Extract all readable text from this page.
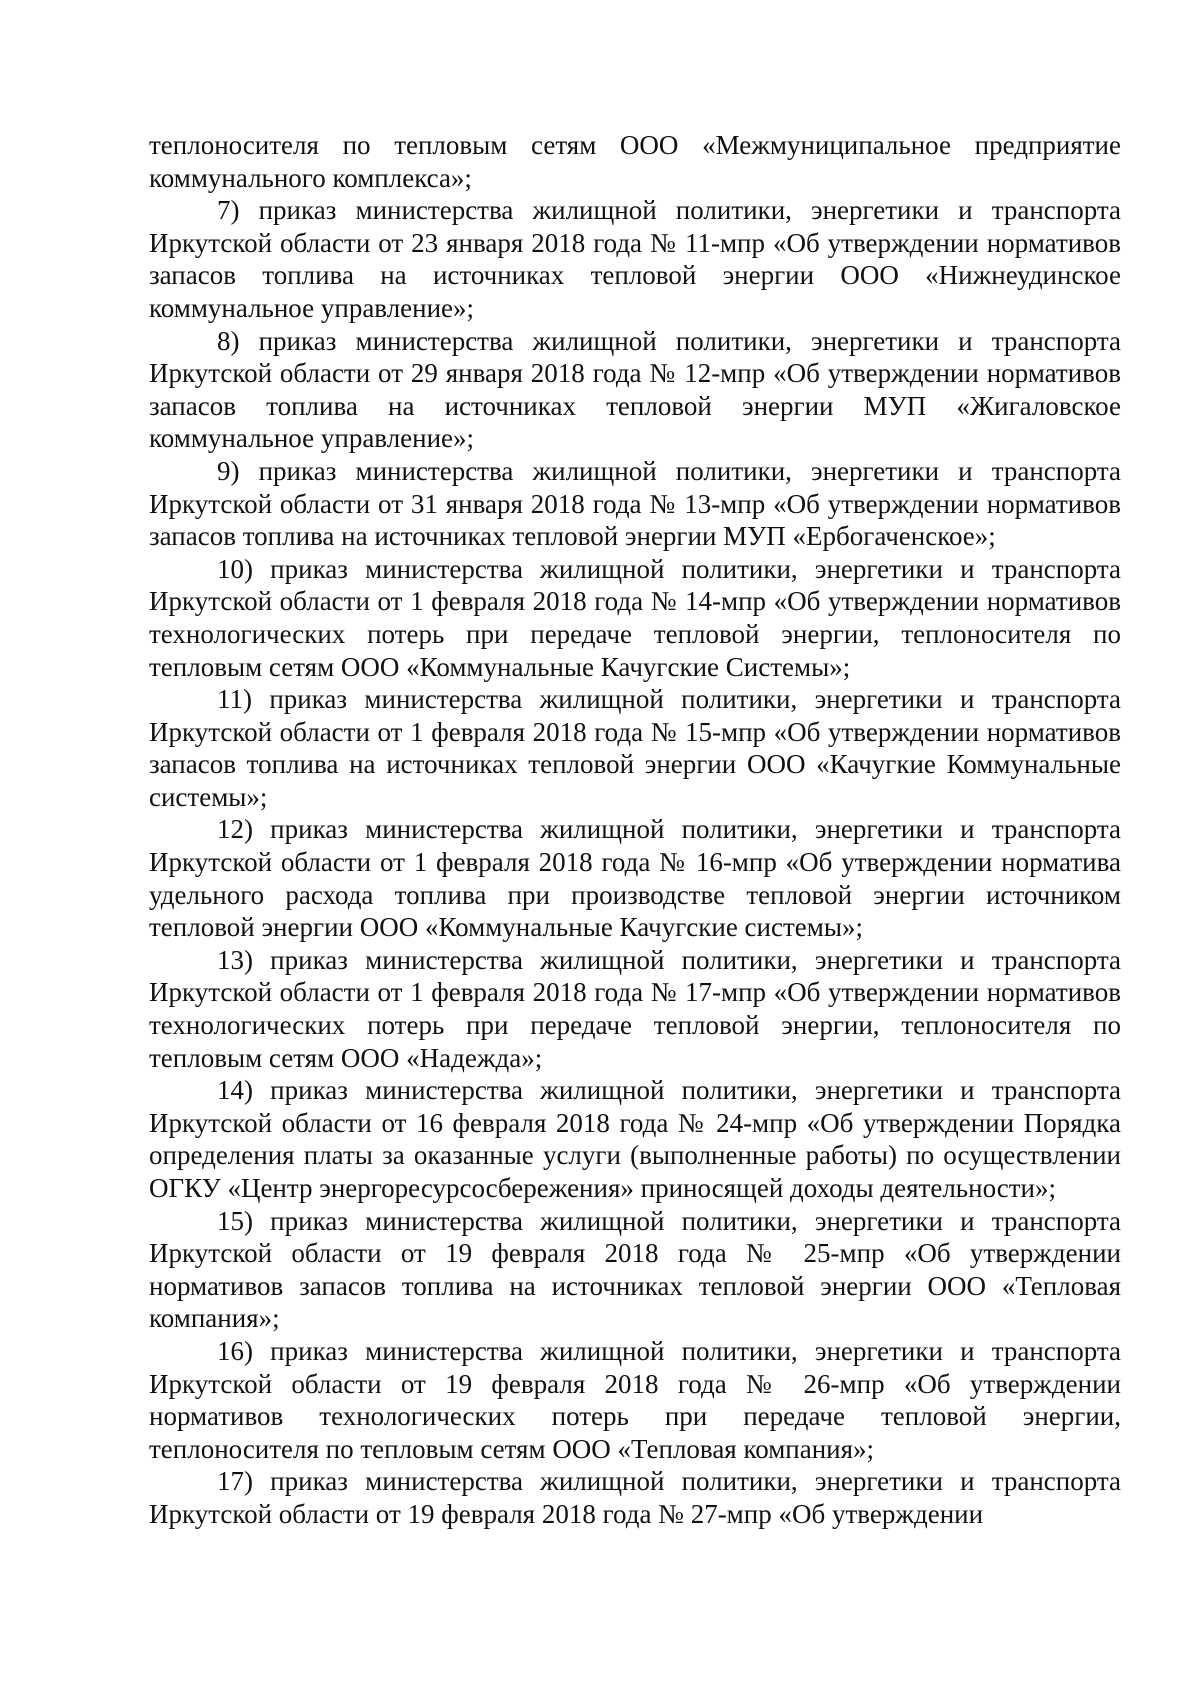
теплоносителя по тепловым сетям ООО «Межмуниципальное предприятие коммунального комплекса»;

7) приказ министерства жилищной политики, энергетики и транспорта Иркутской области от 23 января 2018 года № 11-мпр «Об утверждении нормативов запасов топлива на источниках тепловой энергии ООО «Нижнеудинское коммунальное управление»;

8) приказ министерства жилищной политики, энергетики и транспорта Иркутской области от 29 января 2018 года № 12-мпр «Об утверждении нормативов запасов топлива на источниках тепловой энергии МУП «Жигаловское коммунальное управление»;

9) приказ министерства жилищной политики, энергетики и транспорта Иркутской области от 31 января 2018 года № 13-мпр «Об утверждении нормативов запасов топлива на источниках тепловой энергии МУП «Ербогаченское»;

10) приказ министерства жилищной политики, энергетики и транспорта Иркутской области от 1 февраля 2018 года № 14-мпр «Об утверждении нормативов технологических потерь при передаче тепловой энергии, теплоносителя по тепловым сетям ООО «Коммунальные Качугские Системы»;

11) приказ министерства жилищной политики, энергетики и транспорта Иркутской области от 1 февраля 2018 года № 15-мпр «Об утверждении нормативов запасов топлива на источниках тепловой энергии ООО «Качугкие Коммунальные системы»;

12) приказ министерства жилищной политики, энергетики и транспорта Иркутской области от 1 февраля 2018 года № 16-мпр «Об утверждении норматива удельного расхода топлива при производстве тепловой энергии источником тепловой энергии ООО «Коммунальные Качугские системы»;

13) приказ министерства жилищной политики, энергетики и транспорта Иркутской области от 1 февраля 2018 года № 17-мпр «Об утверждении нормативов технологических потерь при передаче тепловой энергии, теплоносителя по тепловым сетям ООО «Надежда»;

14) приказ министерства жилищной политики, энергетики и транспорта Иркутской области от 16 февраля 2018 года № 24-мпр «Об утверждении Порядка определения платы за оказанные услуги (выполненные работы) по осуществлении ОГКУ «Центр энергоресурсосбережения» приносящей доходы деятельности»;

15) приказ министерства жилищной политики, энергетики и транспорта Иркутской области от 19 февраля 2018 года № 25-мпр «Об утверждении нормативов запасов топлива на источниках тепловой энергии ООО «Тепловая компания»;

16) приказ министерства жилищной политики, энергетики и транспорта Иркутской области от 19 февраля 2018 года № 26-мпр «Об утверждении нормативов технологических потерь при передаче тепловой энергии, теплоносителя по тепловым сетям ООО «Тепловая компания»;

17) приказ министерства жилищной политики, энергетики и транспорта Иркутской области от 19 февраля 2018 года № 27-мпр «Об утверждении
